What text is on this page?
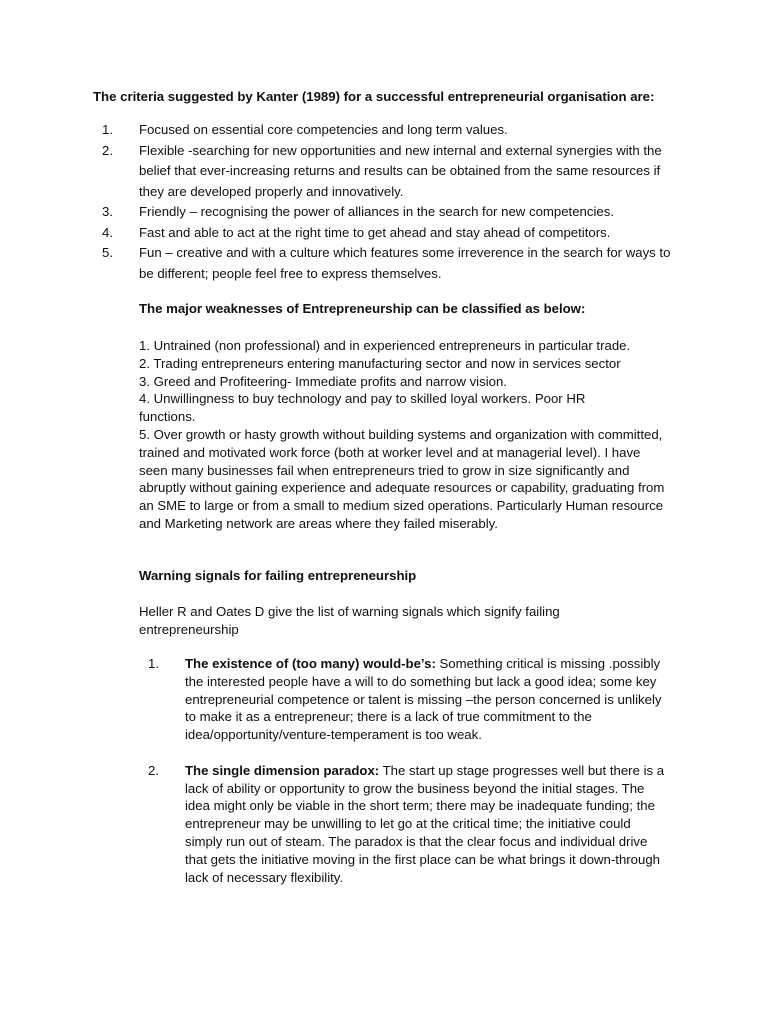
The criteria suggested by Kanter (1989) for a successful entrepreneurial organisation are:

1. Focused on essential core competencies and long term values.
2. Flexible -searching for new opportunities and new internal and external synergies with the belief that ever-increasing returns and results can be obtained from the same resources if they are developed properly and innovatively.
3. Friendly – recognising the power of alliances in the search for new competencies.
4. Fast and able to act at the right time to get ahead and stay ahead of competitors.
5. Fun – creative and with a culture which features some irreverence in the search for ways to be different; people feel free to express themselves.

The major weaknesses of Entrepreneurship can be classified as below:

1. Untrained (non professional) and in experienced entrepreneurs in particular trade.
2. Trading entrepreneurs entering manufacturing sector and now in services sector
3. Greed and Profiteering- Immediate profits and narrow vision.
4. Unwillingness to buy technology and pay to skilled loyal workers. Poor HR functions.
5. Over growth or hasty growth without building systems and organization with committed, trained and motivated work force (both at worker level and at managerial level). I have seen many businesses fail when entrepreneurs tried to grow in size significantly and abruptly without gaining experience and adequate resources or capability, graduating from an SME to large or from a small to medium sized operations. Particularly Human resource and Marketing network are areas where they failed miserably.

Warning signals for failing entrepreneurship

Heller R and Oates D give the list of warning signals which signify failing entrepreneurship

1. The existence of (too many) would-be’s: Something critical is missing .possibly the interested people have a will to do something but lack a good idea; some key entrepreneurial competence or talent is missing –the person concerned is unlikely to make it as a entrepreneur; there is a lack of true commitment to the idea/opportunity/venture-temperament is too weak.
2. The single dimension paradox: The start up stage progresses well but there is a lack of ability or opportunity to grow the business beyond the initial stages. The idea might only be viable in the short term; there may be inadequate funding; the entrepreneur may be unwilling to let go at the critical time; the initiative could simply run out of steam. The paradox is that the clear focus and individual drive that gets the initiative moving in the first place can be what brings it down-through lack of necessary flexibility.
